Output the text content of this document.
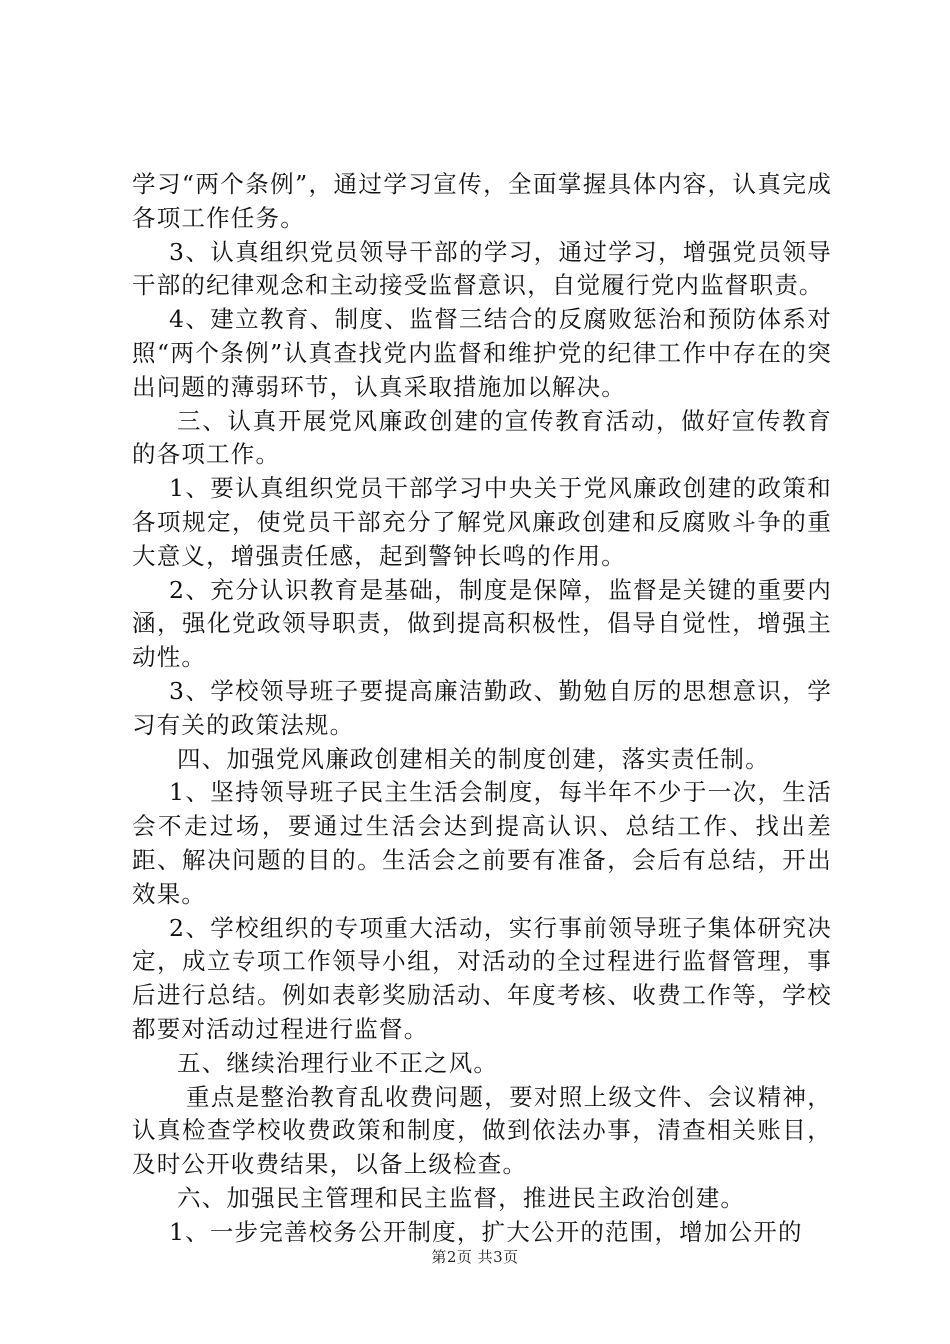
学习“两个条例”，通过学习宣传，全面掌握具体内容，认真完成各项工作任务。

3、认真组织党员领导干部的学习，通过学习，增强党员领导干部的纪律观念和主动接受监督意识，自觉履行党内监督职责。

4、建立教育、制度、监督三结合的反腐败惩治和预防体系对照“两个条例”认真查找党内监督和维护党的纪律工作中存在的突出问题的薄弱环节，认真采取措施加以解决。

三、认真开展党风廉政创建的宣传教育活动，做好宣传教育的各项工作。

1、要认真组织党员干部学习中央关于党风廉政创建的政策和各项规定，使党员干部充分了解党风廉政创建和反腐败斗争的重大意义，增强责任感，起到警钟长鸣的作用。

2、充分认识教育是基础，制度是保障，监督是关键的重要内涵，强化党政领导职责，做到提高积极性，倡导自觉性，增强主动性。

3、学校领导班子要提高廉洁勤政、勤勉自厉的思想意识，学习有关的政策法规。

四、加强党风廉政创建相关的制度创建，落实责任制。

1、坚持领导班子民主生活会制度，每半年不少于一次，生活会不走过场，要通过生活会达到提高认识、总结工作、找出差距、解决问题的目的。生活会之前要有准备，会后有总结，开出效果。

2、学校组织的专项重大活动，实行事前领导班子集体研究决定，成立专项工作领导小组，对活动的全过程进行监督管理，事后进行总结。例如表彰奖励活动、年度考核、收费工作等，学校都要对活动过程进行监督。

五、继续治理行业不正之风。

重点是整治教育乱收费问题，要对照上级文件、会议精神，认真检查学校收费政策和制度，做到依法办事，清查相关账目，及时公开收费结果，以备上级检查。

六、加强民主管理和民主监督，推进民主政治创建。

1、一步完善校务公开制度，扩大公开的范围，增加公开的

第2页 共3页
